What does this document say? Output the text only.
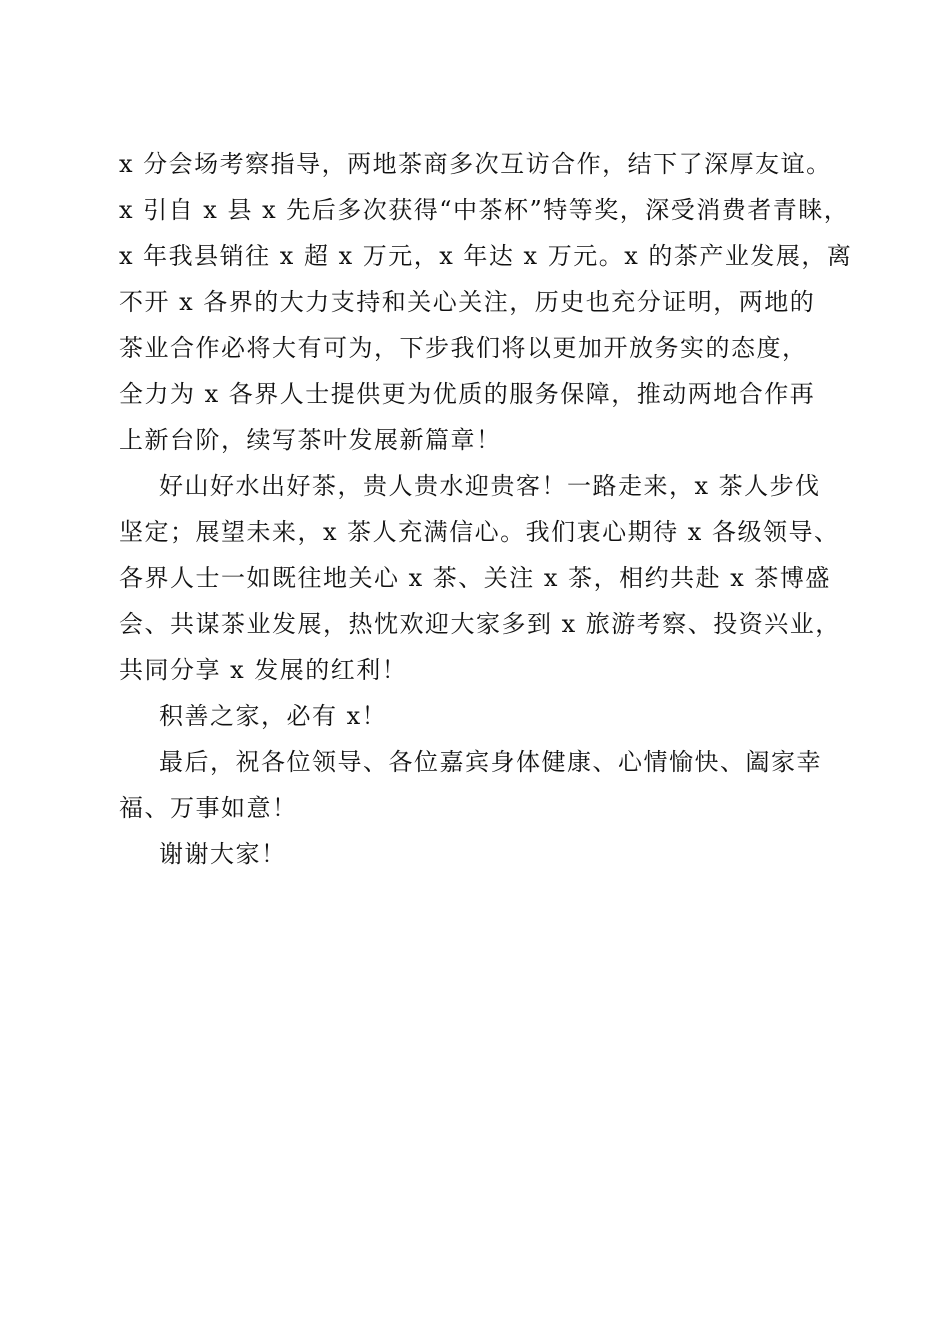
x 分会场考察指导，两地茶商多次互访合作，结下了深厚友谊。
x 引自 x 县 x 先后多次获得“中茶杯”特等奖，深受消费者青睐，
x 年我县销往 x 超 x 万元，x 年达 x 万元。x 的茶产业发展，离
不开 x 各界的大力支持和关心关注，历史也充分证明，两地的
茶业合作必将大有可为，下步我们将以更加开放务实的态度，
全力为 x 各界人士提供更为优质的服务保障，推动两地合作再
上新台阶，续写茶叶发展新篇章！
好山好水出好茶，贵人贵水迎贵客！一路走来，x 茶人步伐
坚定；展望未来，x 茶人充满信心。我们衷心期待 x 各级领导、
各界人士一如既往地关心 x 茶、关注 x 茶，相约共赴 x 茶博盛
会、共谋茶业发展，热忱欢迎大家多到 x 旅游考察、投资兴业，
共同分享 x 发展的红利！
积善之家，必有 x！
最后，祝各位领导、各位嘉宾身体健康、心情愉快、阖家幸
福、万事如意！
谢谢大家！
